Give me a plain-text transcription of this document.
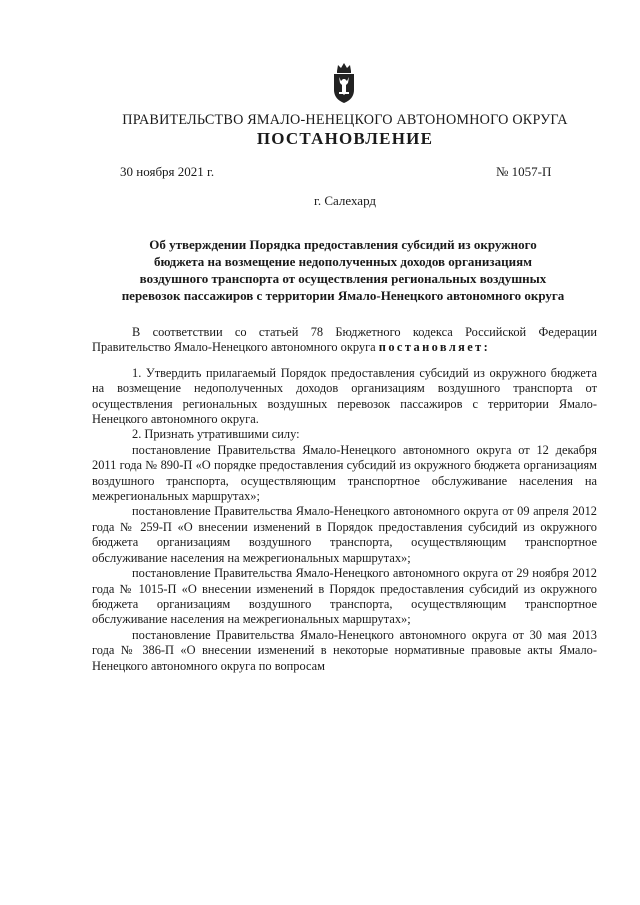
ПРАВИТЕЛЬСТВО ЯМАЛО-НЕНЕЦКОГО АВТОНОМНОГО ОКРУГА
ПОСТАНОВЛЕНИЕ
30 ноября 2021 г.	№ 1057-П
г. Салехард
Об утверждении Порядка предоставления субсидий из окружного
бюджета на возмещение недополученных доходов организациям
воздушного транспорта от осуществления региональных воздушных
перевозок пассажиров с территории Ямало-Ненецкого автономного округа

В соответствии со статьей 78 Бюджетного кодекса Российской Федерации Правительство Ямало-Ненецкого автономного округа постановляет:

1. Утвердить прилагаемый Порядок предоставления субсидий из окружного бюджета на возмещение недополученных доходов организациям воздушного транспорта от осуществления региональных воздушных перевозок пассажиров с территории Ямало-Ненецкого автономного округа.

2. Признать утратившими силу:

постановление Правительства Ямало-Ненецкого автономного округа от 12 декабря 2011 года № 890-П «О порядке предоставления субсидий из окружного бюджета организациям воздушного транспорта, осуществляющим транспортное обслуживание населения на межрегиональных маршрутах»;

постановление Правительства Ямало-Ненецкого автономного округа от 09 апреля 2012 года № 259-П «О внесении изменений в Порядок предоставления субсидий из окружного бюджета организациям воздушного транспорта, осуществляющим транспортное обслуживание населения на межрегиональных маршрутах»;

постановление Правительства Ямало-Ненецкого автономного округа от 29 ноября 2012 года № 1015-П «О внесении изменений в Порядок предоставления субсидий из окружного бюджета организациям воздушного транспорта, осуществляющим транспортное обслуживание населения на межрегиональных маршрутах»;

постановление Правительства Ямало-Ненецкого автономного округа от 30 мая 2013 года № 386-П «О внесении изменений в некоторые нормативные правовые акты Ямало-Ненецкого автономного округа по вопросам
